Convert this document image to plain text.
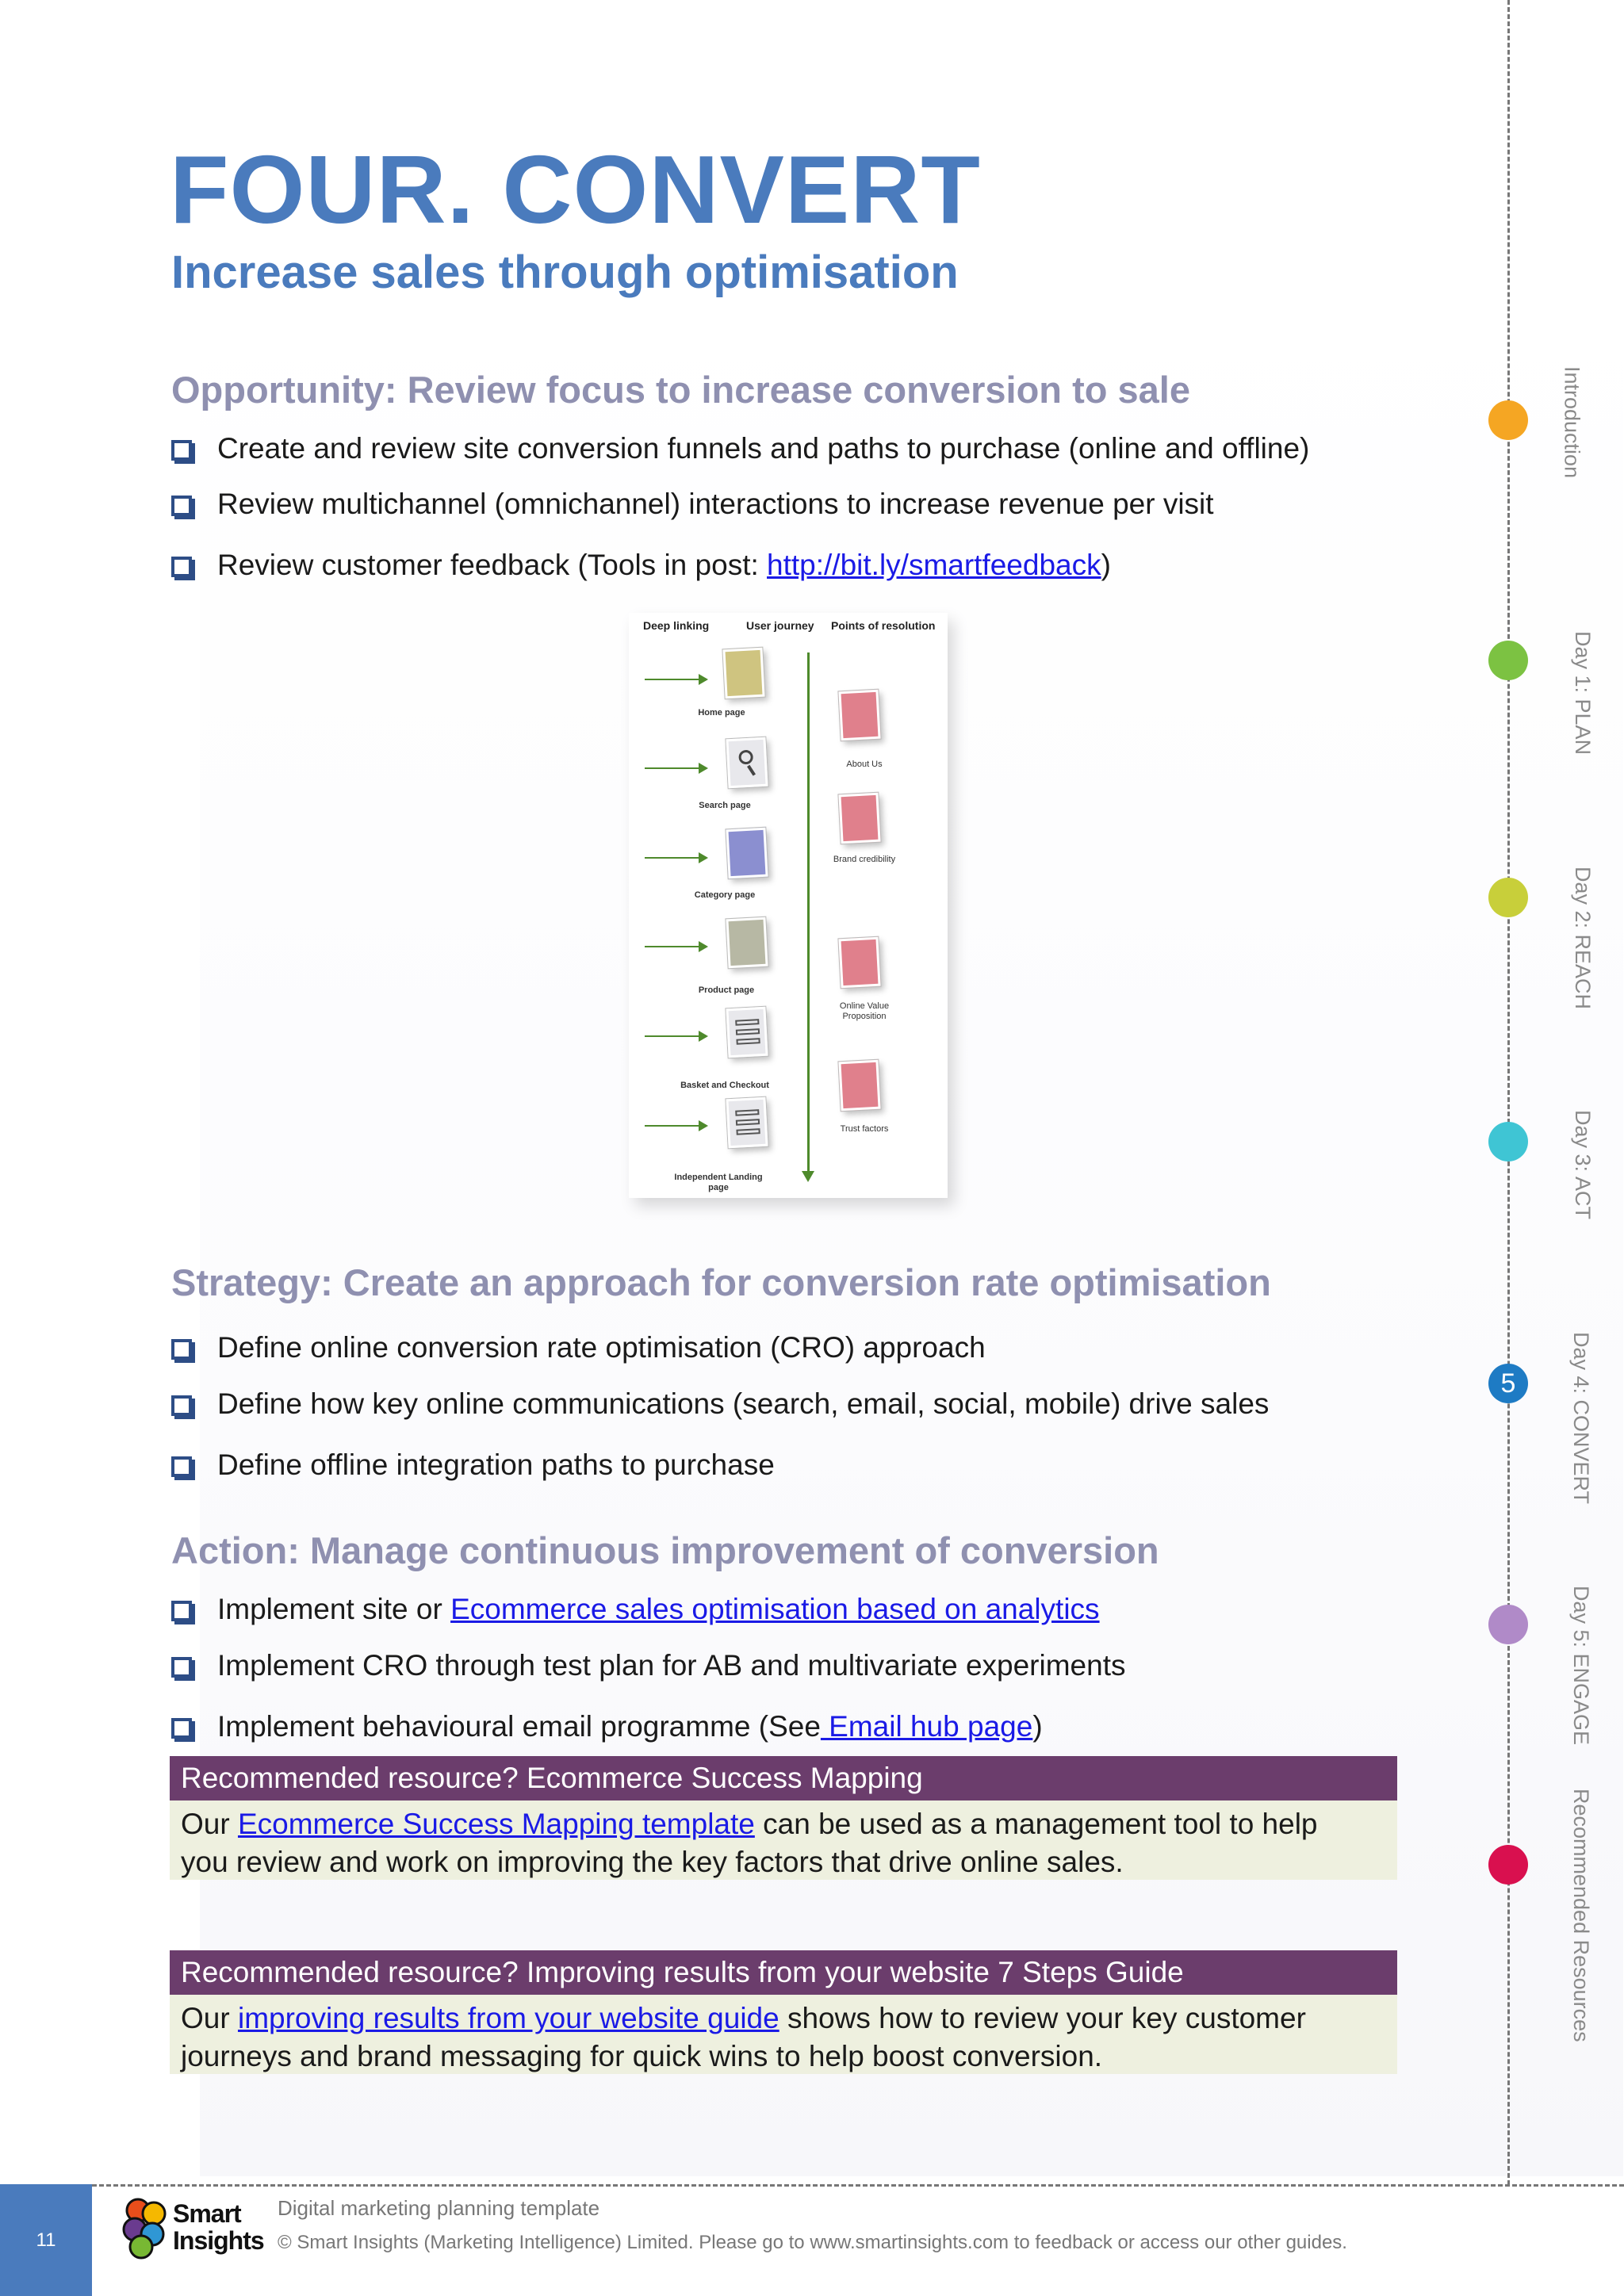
FOUR. CONVERT
Increase sales through optimisation
Opportunity: Review focus to increase conversion to sale
Create and review site conversion funnels and paths to purchase (online and offline)
Review multichannel (omnichannel) interactions to increase revenue per visit
Review customer feedback (Tools in post: http://bit.ly/smartfeedback )
Deep linking	User journey Points of resolution
Home page
Search page
Category page
Product page
Basket and Checkout
Independent Landing page
About Us
Brand credibility
Online Value Proposition
Trust factors
Strategy: Create an approach for conversion rate optimisation
Define online conversion rate optimisation (CRO) approach
Define how key online communications (search, email, social, mobile) drive sales
Define offline integration paths to purchase
Action: Manage continuous improvement of conversion
Implement site or Ecommerce sales optimisation based on analytics
Implement CRO through test plan for AB and multivariate experiments
Implement behavioural email programme (See Email hub page )
Recommended resource? Ecommerce Success Mapping
Our Ecommerce Success Mapping template can be used as a management tool to help
you review and work on improving the key factors that drive online sales.
Recommended resource? Improving results from your website 7 Steps Guide
Our improving results from your website guide shows how to review your key customer
journeys and brand messaging for quick wins to help boost conversion.
Introduction
Day 1: PLAN
Day 2: REACH
Day 3: ACT
5	Day 4: CONVERT
Day 5: ENGAGE
Recommended Resources
11
Smart
Insights
Digital marketing planning template
© Smart Insights (Marketing Intelligence) Limited. Please go to www.smartinsights.com to feedback or access our other guides.
